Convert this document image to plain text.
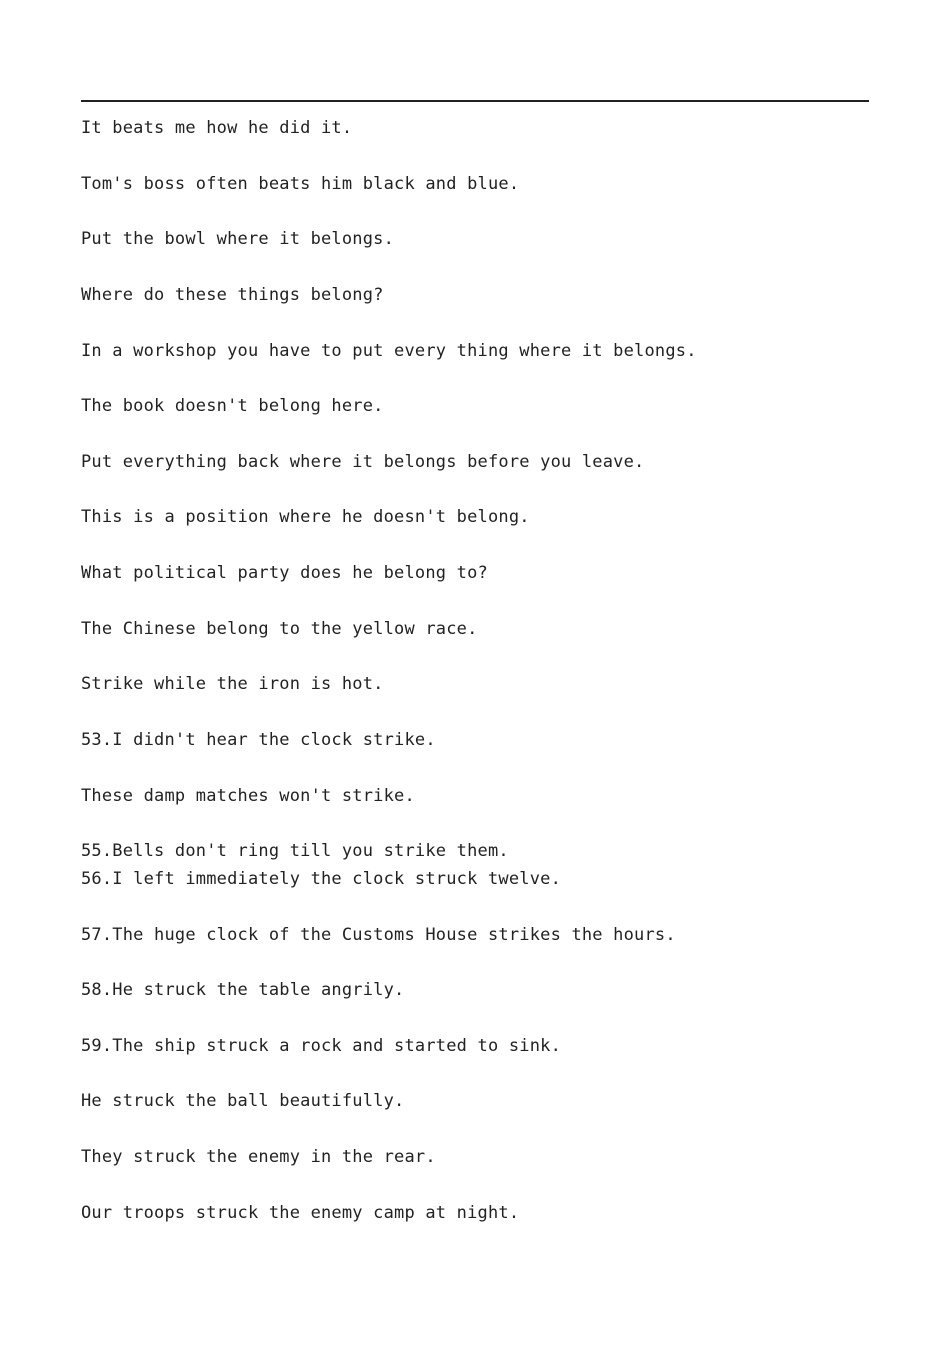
It beats me how he did it.
Tom's boss often beats him black and blue.
Put the bowl where it belongs.
Where do these things belong?
In a workshop you have to put every thing where it belongs.
The book doesn't belong here.
Put everything back where it belongs before you leave.
This is a position where he doesn't belong.
What political party does he belong to?
The Chinese belong to the yellow race.
Strike while the iron is hot.
53.I didn't hear the clock strike.
These damp matches won't strike.
55.Bells don't ring till you strike them.
56.I left immediately the clock struck twelve.
57.The huge clock of the Customs House strikes the hours.
58.He struck the table angrily.
59.The ship struck a rock and started to sink.
He struck the ball beautifully.
They struck the enemy in the rear.
Our troops struck the enemy camp at night.
